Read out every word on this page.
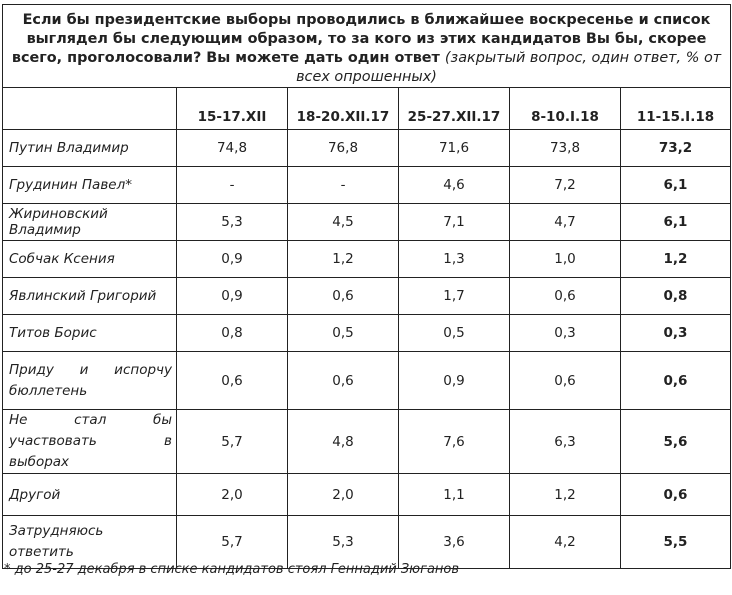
Если бы президентские выборы проводились в ближайшее воскресенье и список выглядел бы следующим образом, то за кого из этих кандидатов Вы бы, скорее всего, проголосовали? Вы можете дать один ответ (закрытый вопрос, один ответ, % от всех опрошенных)					
	15-17.XII	18-20.XII.17	25-27.XII.17	8-10.I.18	11-15.I.18
Путин Владимир	74,8	76,8	71,6	73,8	73,2
Грудинин Павел*	-	-	4,6	7,2	6,1
Жириновский Владимир	5,3	4,5	7,1	4,7	6,1
Собчак Ксения	0,9	1,2	1,3	1,0	1,2
Явлинский Григорий	0,9	0,6	1,7	0,6	0,8
Титов Борис	0,8	0,5	0,5	0,3	0,3
Приду и испорчу бюллетень	0,6	0,6	0,9	0,6	0,6
Не стал бы участвовать в выборах	5,7	4,8	7,6	6,3	5,6
Другой	2,0	2,0	1,1	1,2	0,6
Затрудняюсь ответить	5,7	5,3	3,6	4,2	5,5
* до 25-27 декабря в списке кандидатов стоял Геннадий Зюганов
